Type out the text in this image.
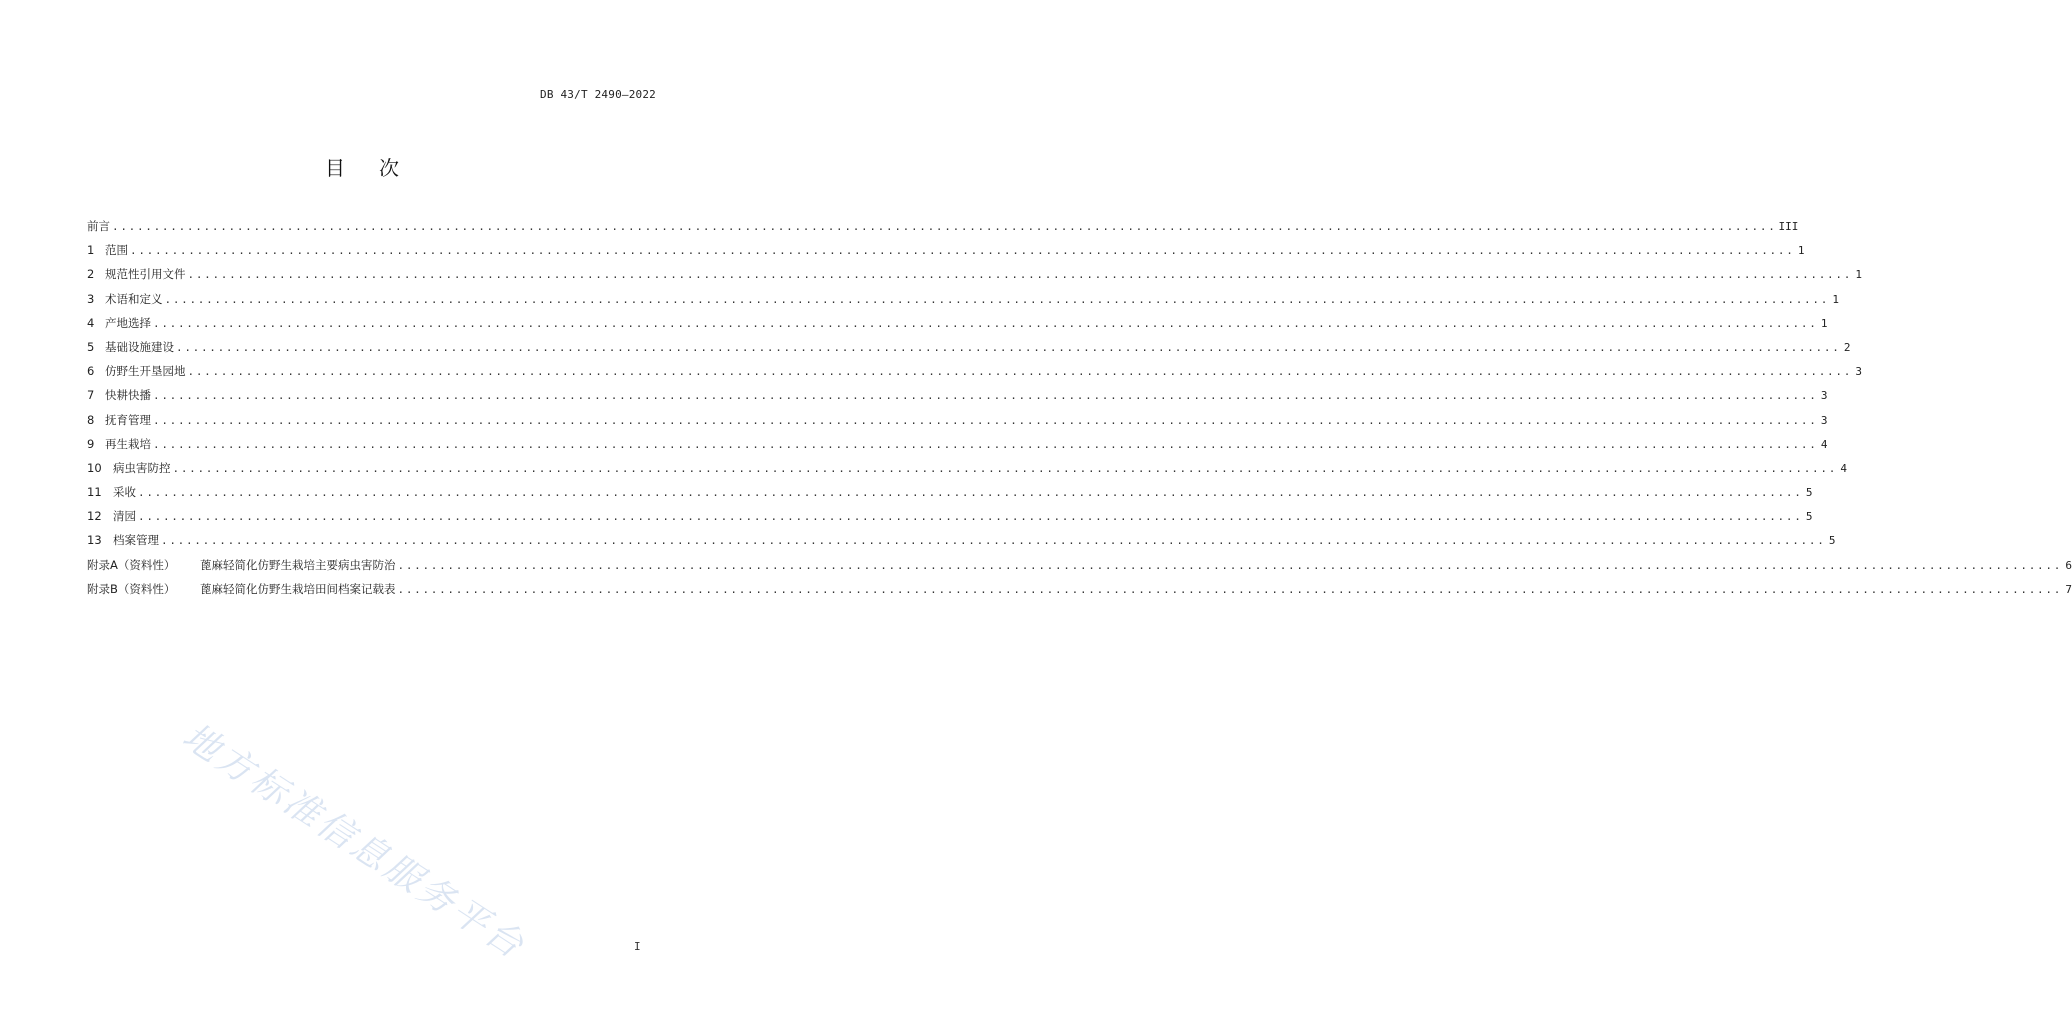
DB 43/T 2490—2022
目次
前言 ........................................................................................................................................................................................................ III
1 范围 ........................................................................................................................................................................................................ 1
2 规范性引用文件 ........................................................................................................................................................................................................ 1
3 术语和定义 ........................................................................................................................................................................................................ 1
4 产地选择 ........................................................................................................................................................................................................ 1
5 基础设施建设 ........................................................................................................................................................................................................ 2
6 仿野生开垦园地 ........................................................................................................................................................................................................ 3
7 快耕快播 ........................................................................................................................................................................................................ 3
8 抚育管理 ........................................................................................................................................................................................................ 3
9 再生栽培 ........................................................................................................................................................................................................ 4
10 病虫害防控 ........................................................................................................................................................................................................ 4
11 采收 ........................................................................................................................................................................................................ 5
12 清园 ........................................................................................................................................................................................................ 5
13 档案管理 ........................................................................................................................................................................................................ 5
附录A（资料性）	蓖麻轻简化仿野生栽培主要病虫害防治 ........................................................................................................................................................................................................ 6
附录B（资料性）	蓖麻轻简化仿野生栽培田间档案记载表 ........................................................................................................................................................................................................ 7
地方标准信息服务平台	I
